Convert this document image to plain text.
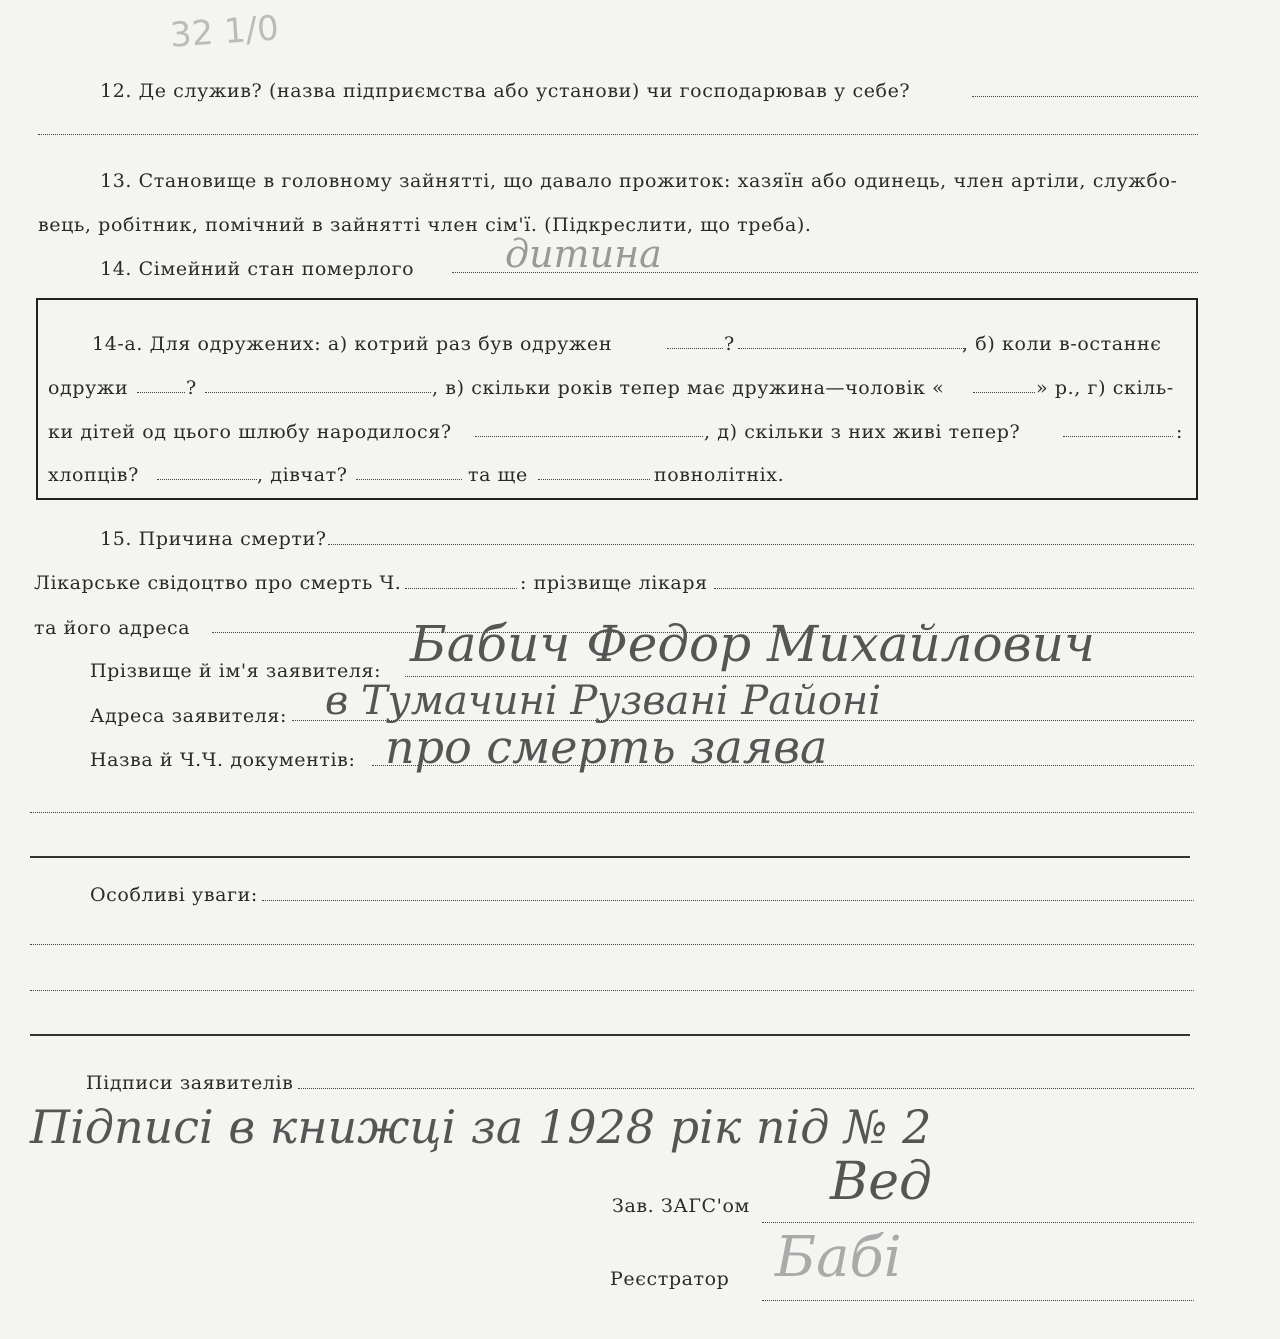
32 1/0
12. Де служив? (назва підприємства або установи) чи господарював у себе?
13. Становище в головному зайнятті, що давало прожиток: хазяїн або одинець, член артіли, службо-
вець, робітник, помічний в зайнятті член сім'ї. (Підкреслити, що треба).
14. Сімейний стан померлого дитина
14-а. Для одружених: а) котрий раз був одружен	?	, б) коли в-останнє
одружи	?	, в) скільки років тепер має дружина—чоловік «	» р., г) скіль-
ки дітей од цього шлюбу народилося?	, д) скільки з них живі тепер?	:
хлопців?	, дівчат?	та ще	повнолітніх.
15. Причина смерти?
Лікарське свідоцтво про смерть Ч.	: прізвище лікаря
та його адреса
Прізвище й ім'я заявителя: Бабич Федор Михайлович
Адреса заявителя: в Тумачині Рузвані Районі
Назва й Ч.Ч. документів: про смерть заява
Особливі уваги:
Підписи заявителів
Підписі в книжці за 1928 рік під № 2
Зав. ЗАГС'ом Вед
Реєстратор Бабі
